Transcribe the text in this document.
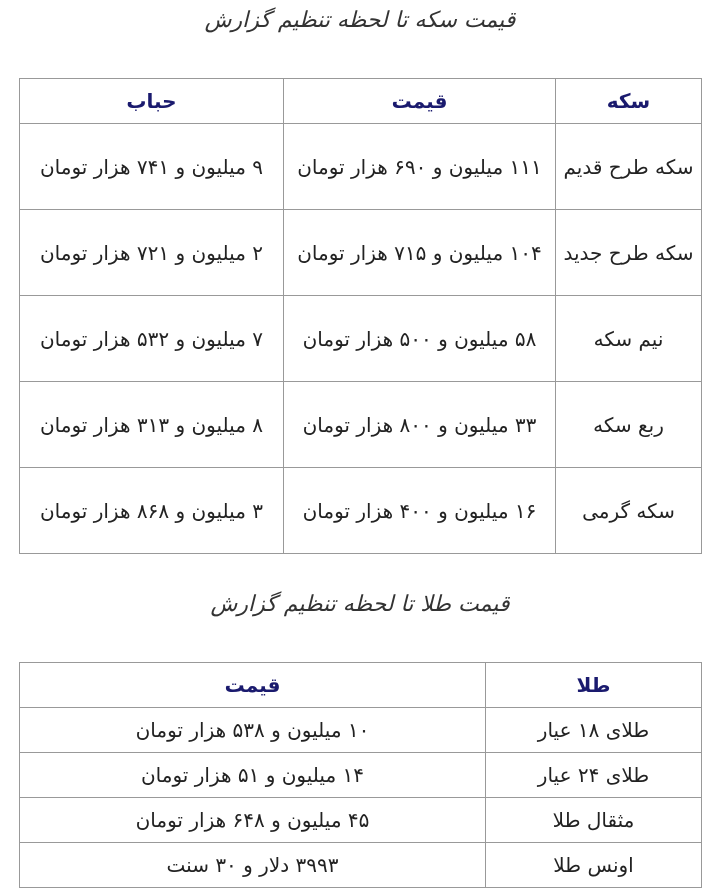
قیمت سکه تا لحظه تنظیم گزارش
سکه	قیمت	حباب
سکه طرح قدیم	۱۱۱ میلیون و ۶۹۰ هزار تومان	۹ میلیون و ۷۴۱ هزار تومان
سکه طرح جدید	۱۰۴ میلیون و ۷۱۵ هزار تومان	۲ میلیون و ۷۲۱ هزار تومان
نیم سکه	۵۸ میلیون و ۵۰۰ هزار تومان	۷ میلیون و ۵۳۲ هزار تومان
ربع سکه	۳۳ میلیون و ۸۰۰ هزار تومان	۸ میلیون و ۳۱۳ هزار تومان
سکه گرمی	۱۶ میلیون و ۴۰۰ هزار تومان	۳ میلیون و ۸۶۸ هزار تومان
قیمت طلا تا لحظه تنظیم گزارش
طلا	قیمت
طلای ۱۸ عیار	۱۰ میلیون و ۵۳۸ هزار تومان
طلای ۲۴ عیار	۱۴ میلیون و ۵۱ هزار تومان
مثقال طلا	۴۵ میلیون و ۶۴۸ هزار تومان
اونس طلا	۳۹۹۳ دلار و ۳۰ سنت
